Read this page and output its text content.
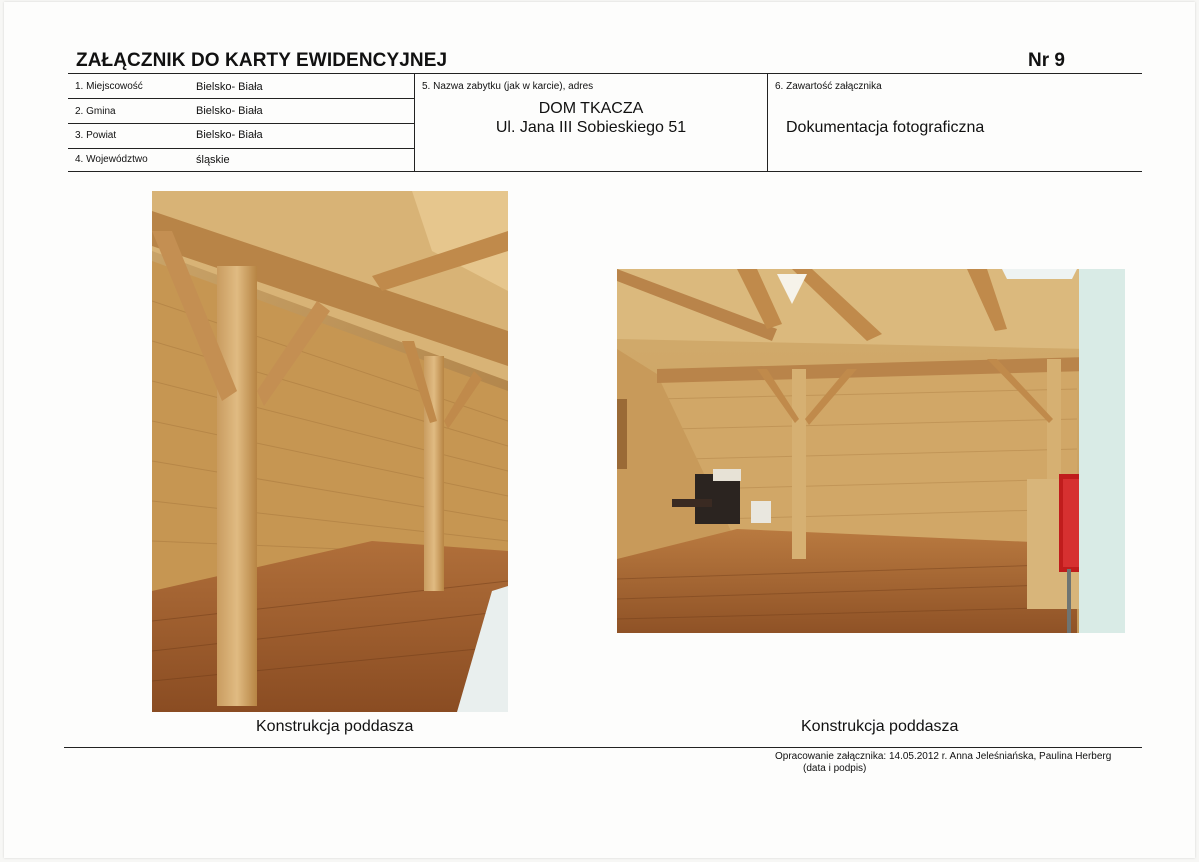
ZAŁĄCZNIK DO KARTY EWIDENCYJNEJ	Nr 9
1. Miejscowość	Bielsko- Biała
2. Gmina	Bielsko- Biała
3. Powiat	Bielsko- Biała
4. Województwo	śląskie
5. Nazwa zabytku (jak w karcie), adres
DOM TKACZA
Ul. Jana III Sobieskiego 51
6. Zawartość załącznika
Dokumentacja fotograficzna
Konstrukcja poddasza	Konstrukcja poddasza
Opracowanie załącznika: 14.05.2012 r. Anna Jeleśniańska, Paulina Herberg
(data i podpis)
